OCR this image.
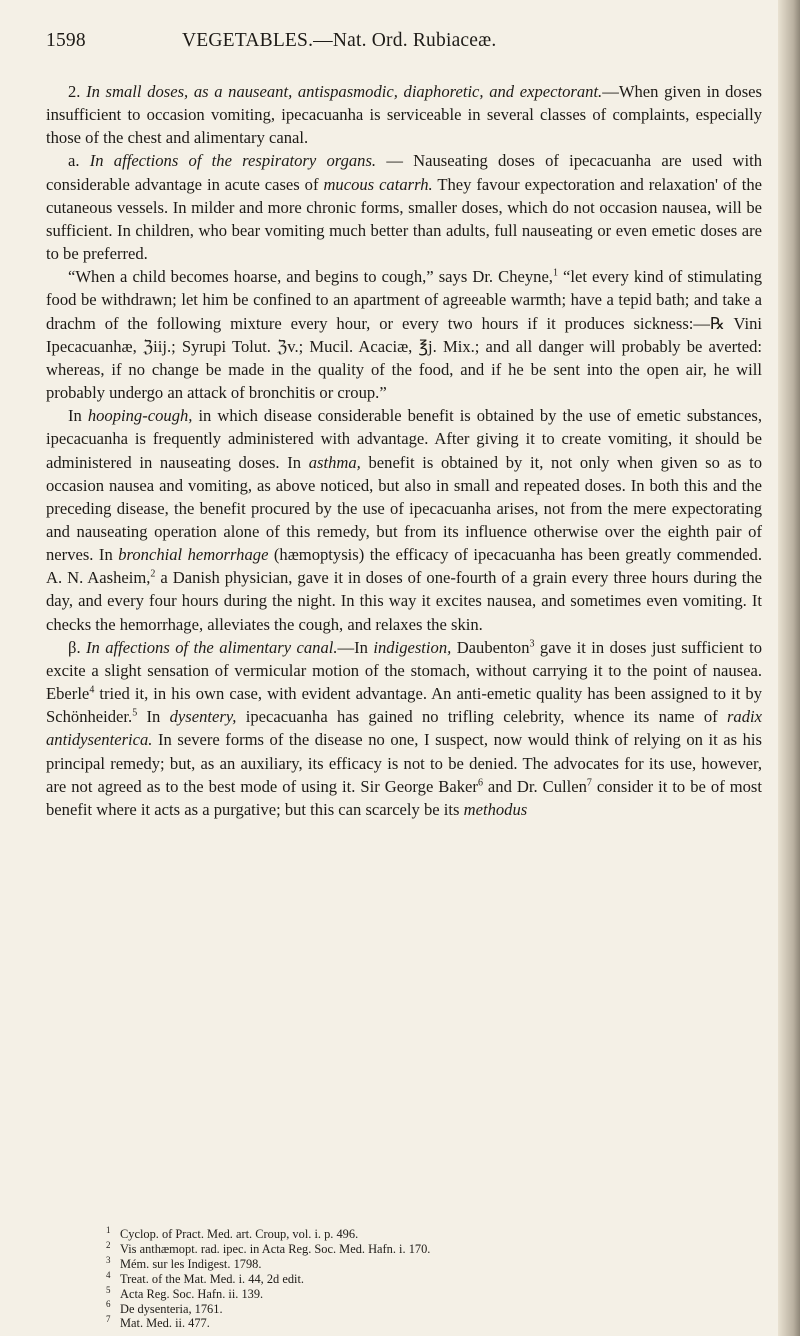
1598	VEGETABLES.—Nat. Ord. Rubiaceæ.

2. In small doses, as a nauseant, antispasmodic, diaphoretic, and expectorant.—When given in doses insufficient to occasion vomiting, ipecacuanha is serviceable in several classes of complaints, especially those of the chest and alimentary canal.

a. In affections of the respiratory organs. — Nauseating doses of ipecacuanha are used with considerable advantage in acute cases of mucous catarrh. They favour expectoration and relaxation' of the cutaneous vessels. In milder and more chronic forms, smaller doses, which do not occasion nausea, will be sufficient. In children, who bear vomiting much better than adults, full nauseating or even emetic doses are to be preferred.

“When a child becomes hoarse, and begins to cough,” says Dr. Cheyne,$^1$ “let every kind of stimulating food be withdrawn; let him be confined to an apartment of agreeable warmth; have a tepid bath; and take a drachm of the following mixture every hour, or every two hours if it produces sickness:—℞ Vini Ipecacuanhæ, ℨiij.; Syrupi Tolut. ℨv.; Mucil. Acaciæ, ℥j. Mix.; and all danger will probably be averted: whereas, if no change be made in the quality of the food, and if he be sent into the open air, he will probably undergo an attack of bronchitis or croup.”

In hooping-cough, in which disease considerable benefit is obtained by the use of emetic substances, ipecacuanha is frequently administered with advantage. After giving it to create vomiting, it should be administered in nauseating doses. In asthma, benefit is obtained by it, not only when given so as to occasion nausea and vomiting, as above noticed, but also in small and repeated doses. In both this and the preceding disease, the benefit procured by the use of ipecacuanha arises, not from the mere expectorating and nauseating operation alone of this remedy, but from its influence otherwise over the eighth pair of nerves. In bronchial hemorrhage (hæmoptysis) the efficacy of ipecacuanha has been greatly commended. A. N. Aasheim,$^2$ a Danish physician, gave it in doses of one-fourth of a grain every three hours during the day, and every four hours during the night. In this way it excites nausea, and sometimes even vomiting. It checks the hemorrhage, alleviates the cough, and relaxes the skin.

β. In affections of the alimentary canal.—In indigestion, Daubenton$^3$ gave it in doses just sufficient to excite a slight sensation of vermicular motion of the stomach, without carrying it to the point of nausea. Eberle$^4$ tried it, in his own case, with evident advantage. An anti-emetic quality has been assigned to it by Schönheider.$^5$ In dysentery, ipecacuanha has gained no trifling celebrity, whence its name of radix antidysenterica. In severe forms of the disease no one, I suspect, now would think of relying on it as his principal remedy; but, as an auxiliary, its efficacy is not to be denied. The advocates for its use, however, are not agreed as to the best mode of using it. Sir George Baker$^6$ and Dr. Cullen$^7$ consider it to be of most benefit where it acts as a purgative; but this can scarcely be its methodus

1 Cyclop. of Pract. Med. art. Croup, vol. i. p. 496.
2 Vis anthæmopt. rad. ipec. in Acta Reg. Soc. Med. Hafn. i. 170.
3 Mém. sur les Indigest. 1798.
4 Treat. of the Mat. Med. i. 44, 2d edit.
5 Acta Reg. Soc. Hafn. ii. 139.
6 De dysenteria, 1761.
7 Mat. Med. ii. 477.
